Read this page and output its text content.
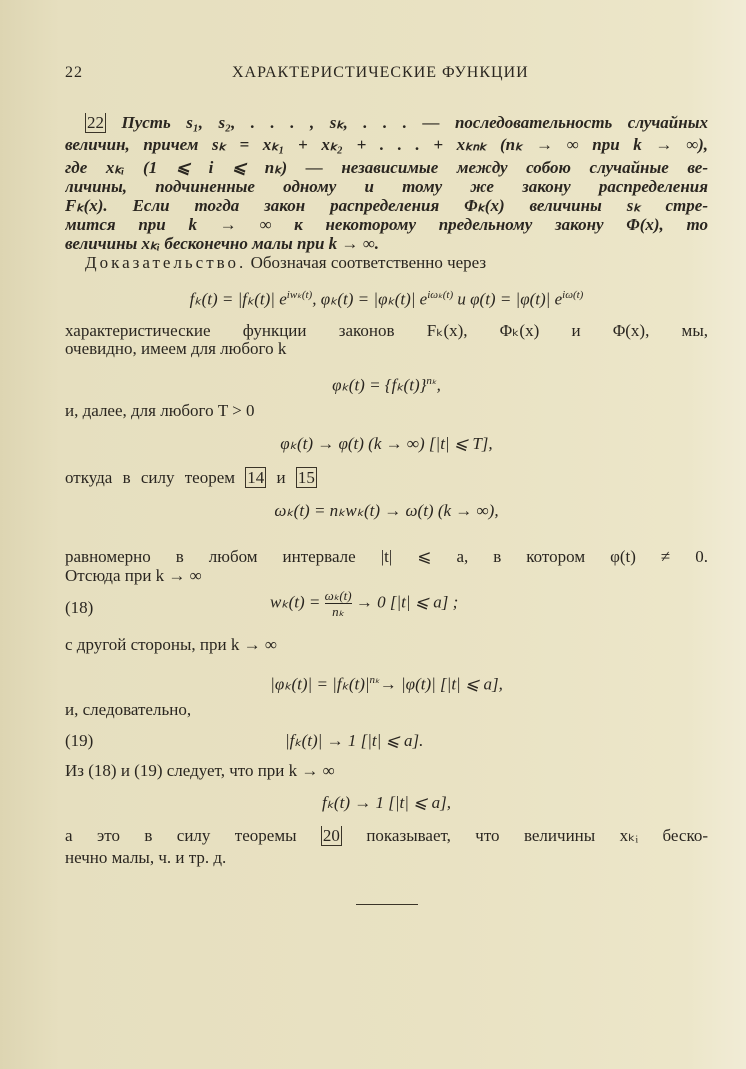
22	ХАРАКТЕРИСТИЧЕСКИЕ ФУНКЦИИ
22 Пусть s₁, s₂, . . . , sₖ, . . . — последовательность случайных
величин, причем sₖ = xₖ₁ + xₖ₂ + . . . + xₖₙₖ (nₖ → ∞ при k → ∞),
где xₖᵢ (1 ⩽ i ⩽ nₖ) — независимые между собою случайные ве-
личины, подчиненные одному и тому же закону распределения
Fₖ(x). Если тогда закон распределения Φₖ(x) величины sₖ стре-
мится при k → ∞ к некоторому предельному закону Φ(x), то
величины xₖᵢ бесконечно малы при k → ∞.
Доказательство. Обозначая соответственно через
fₖ(t) = |fₖ(t)| $e^{iw_k(t)}$, φₖ(t) = |φₖ(t)| $e^{i\omega_k(t)}$ и φ(t) = |φ(t)| $e^{i\omega(t)}$
характеристические функции законов Fₖ(x), Φₖ(x) и Φ(x), мы,
очевидно, имеем для любого k
$\varphi_k(t) = \{f_k(t)\}^{n_k}$,
и, далее, для любого T > 0
φₖ(t) → φ(t) (k → ∞) [|t| ⩽ T],
откуда в силу теорем 14 и 15
ωₖ(t) = nₖwₖ(t) → ω(t) (k → ∞),
равномерно в любом интервале |t| ⩽ a, в котором φ(t) ≠ 0.
Отсюда при k → ∞
(18)	$w_k(t) = \frac{\text{ωₖ(t)}}{\text{nₖ}} \to 0$ [|t| ⩽ a] ;
с другой стороны, при k → ∞
$|\varphi_k(t)| = |f_k(t)|^{n_k}\to |\varphi(t)|$ [|t| ⩽ a],
и, следовательно,
(19)	|fₖ(t)| → 1 [|t| ⩽ a].
Из (18) и (19) следует, что при k → ∞
fₖ(t) → 1 [|t| ⩽ a],
а это в силу теоремы 20 показывает, что величины xₖᵢ беско-
нечно малы, ч. и тр. д.
